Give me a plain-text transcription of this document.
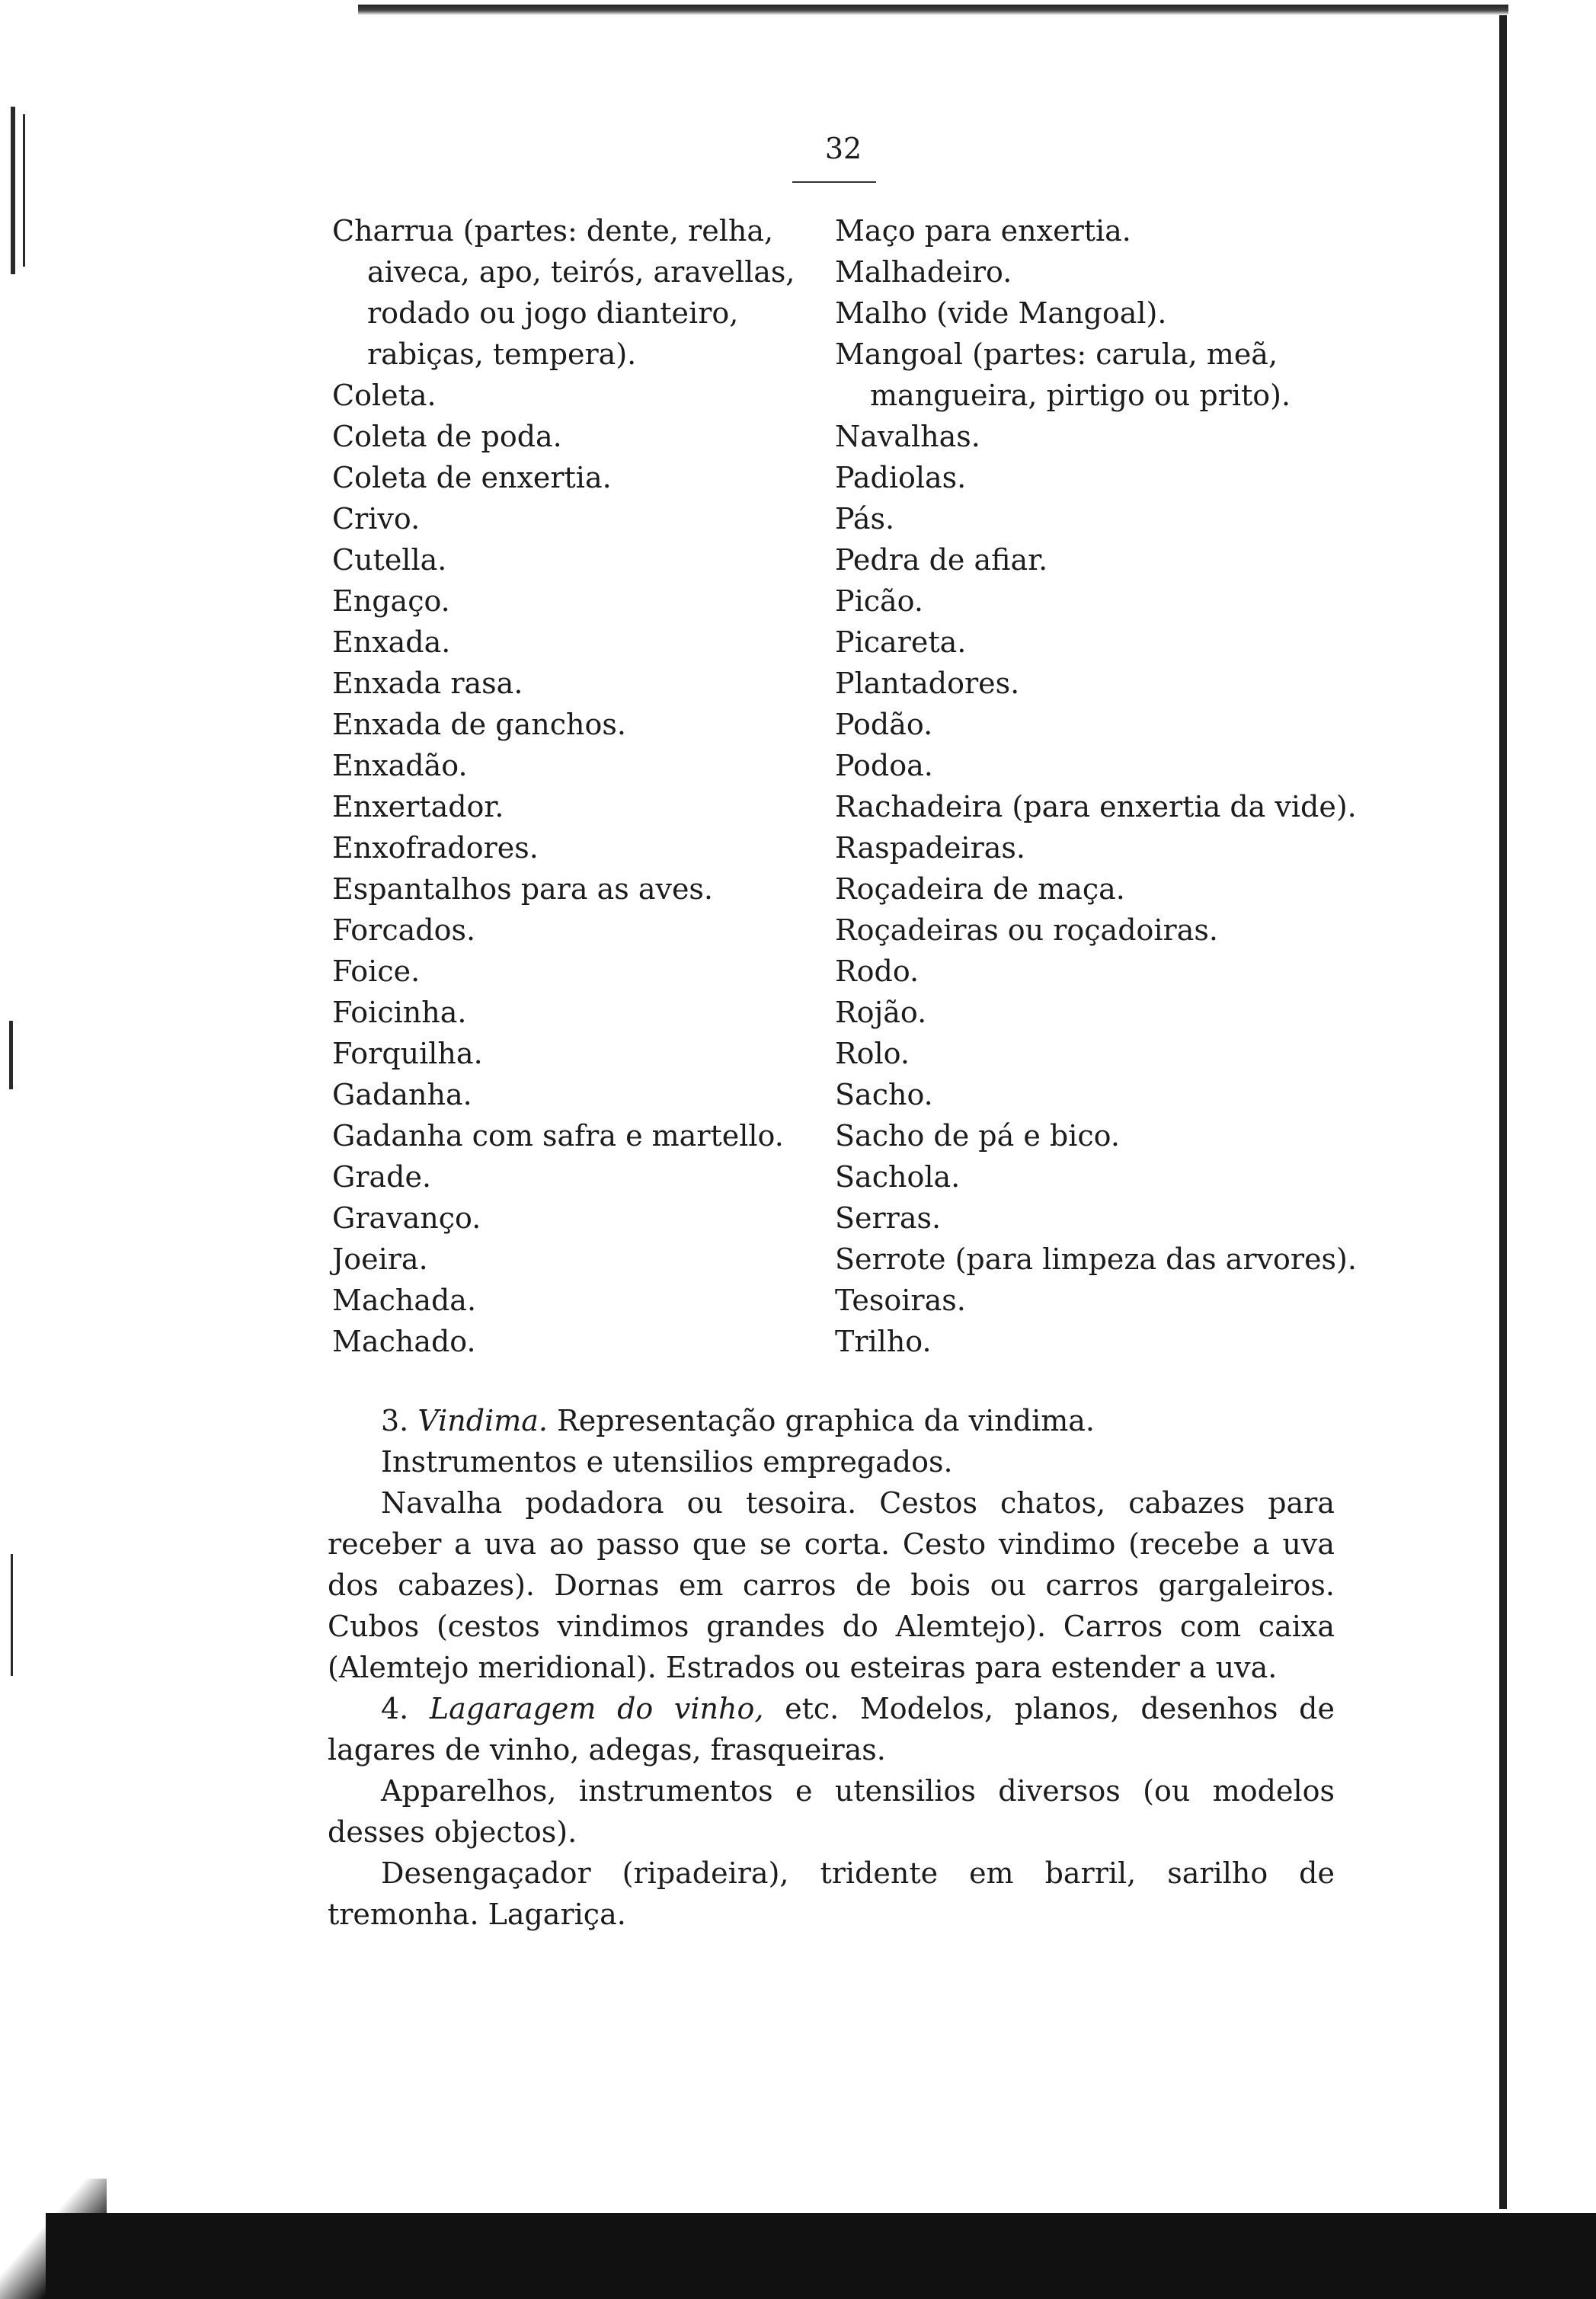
32
Charrua (partes: dente, relha, aiveca, apo, teirós, aravellas, rodado ou jogo dianteiro, rabiças, tempera).
Coleta.
Coleta de poda.
Coleta de enxertia.
Crivo.
Cutella.
Engaço.
Enxada.
Enxada rasa.
Enxada de ganchos.
Enxadão.
Enxertador.
Enxofradores.
Espantalhos para as aves.
Forcados.
Foice.
Foicinha.
Forquilha.
Gadanha.
Gadanha com safra e martello.
Grade.
Gravanço.
Joeira.
Machada.
Machado.
Maço para enxertia.
Malhadeiro.
Malho (vide Mangoal).
Mangoal (partes: carula, meã, mangueira, pirtigo ou prito).
Navalhas.
Padiolas.
Pás.
Pedra de afiar.
Picão.
Picareta.
Plantadores.
Podão.
Podoa.
Rachadeira (para enxertia da vide).
Raspadeiras.
Roçadeira de maça.
Roçadeiras ou roçadoiras.
Rodo.
Rojão.
Rolo.
Sacho.
Sacho de pá e bico.
Sachola.
Serras.
Serrote (para limpeza das arvores).
Tesoiras.
Trilho.

3. Vindima. Representação graphica da vindima.

Instrumentos e utensilios empregados.

Navalha podadora ou tesoira. Cestos chatos, cabazes para receber a uva ao passo que se corta. Cesto vindimo (recebe a uva dos cabazes). Dornas em carros de bois ou carros gargaleiros. Cubos (cestos vindimos grandes do Alemtejo). Carros com caixa (Alemtejo meridional). Estrados ou esteiras para estender a uva.

4. Lagaragem do vinho, etc. Modelos, planos, desenhos de lagares de vinho, adegas, frasqueiras.

Apparelhos, instrumentos e utensilios diversos (ou modelos desses objectos).

Desengaçador (ripadeira), tridente em barril, sarilho de tremonha. Lagariça.
